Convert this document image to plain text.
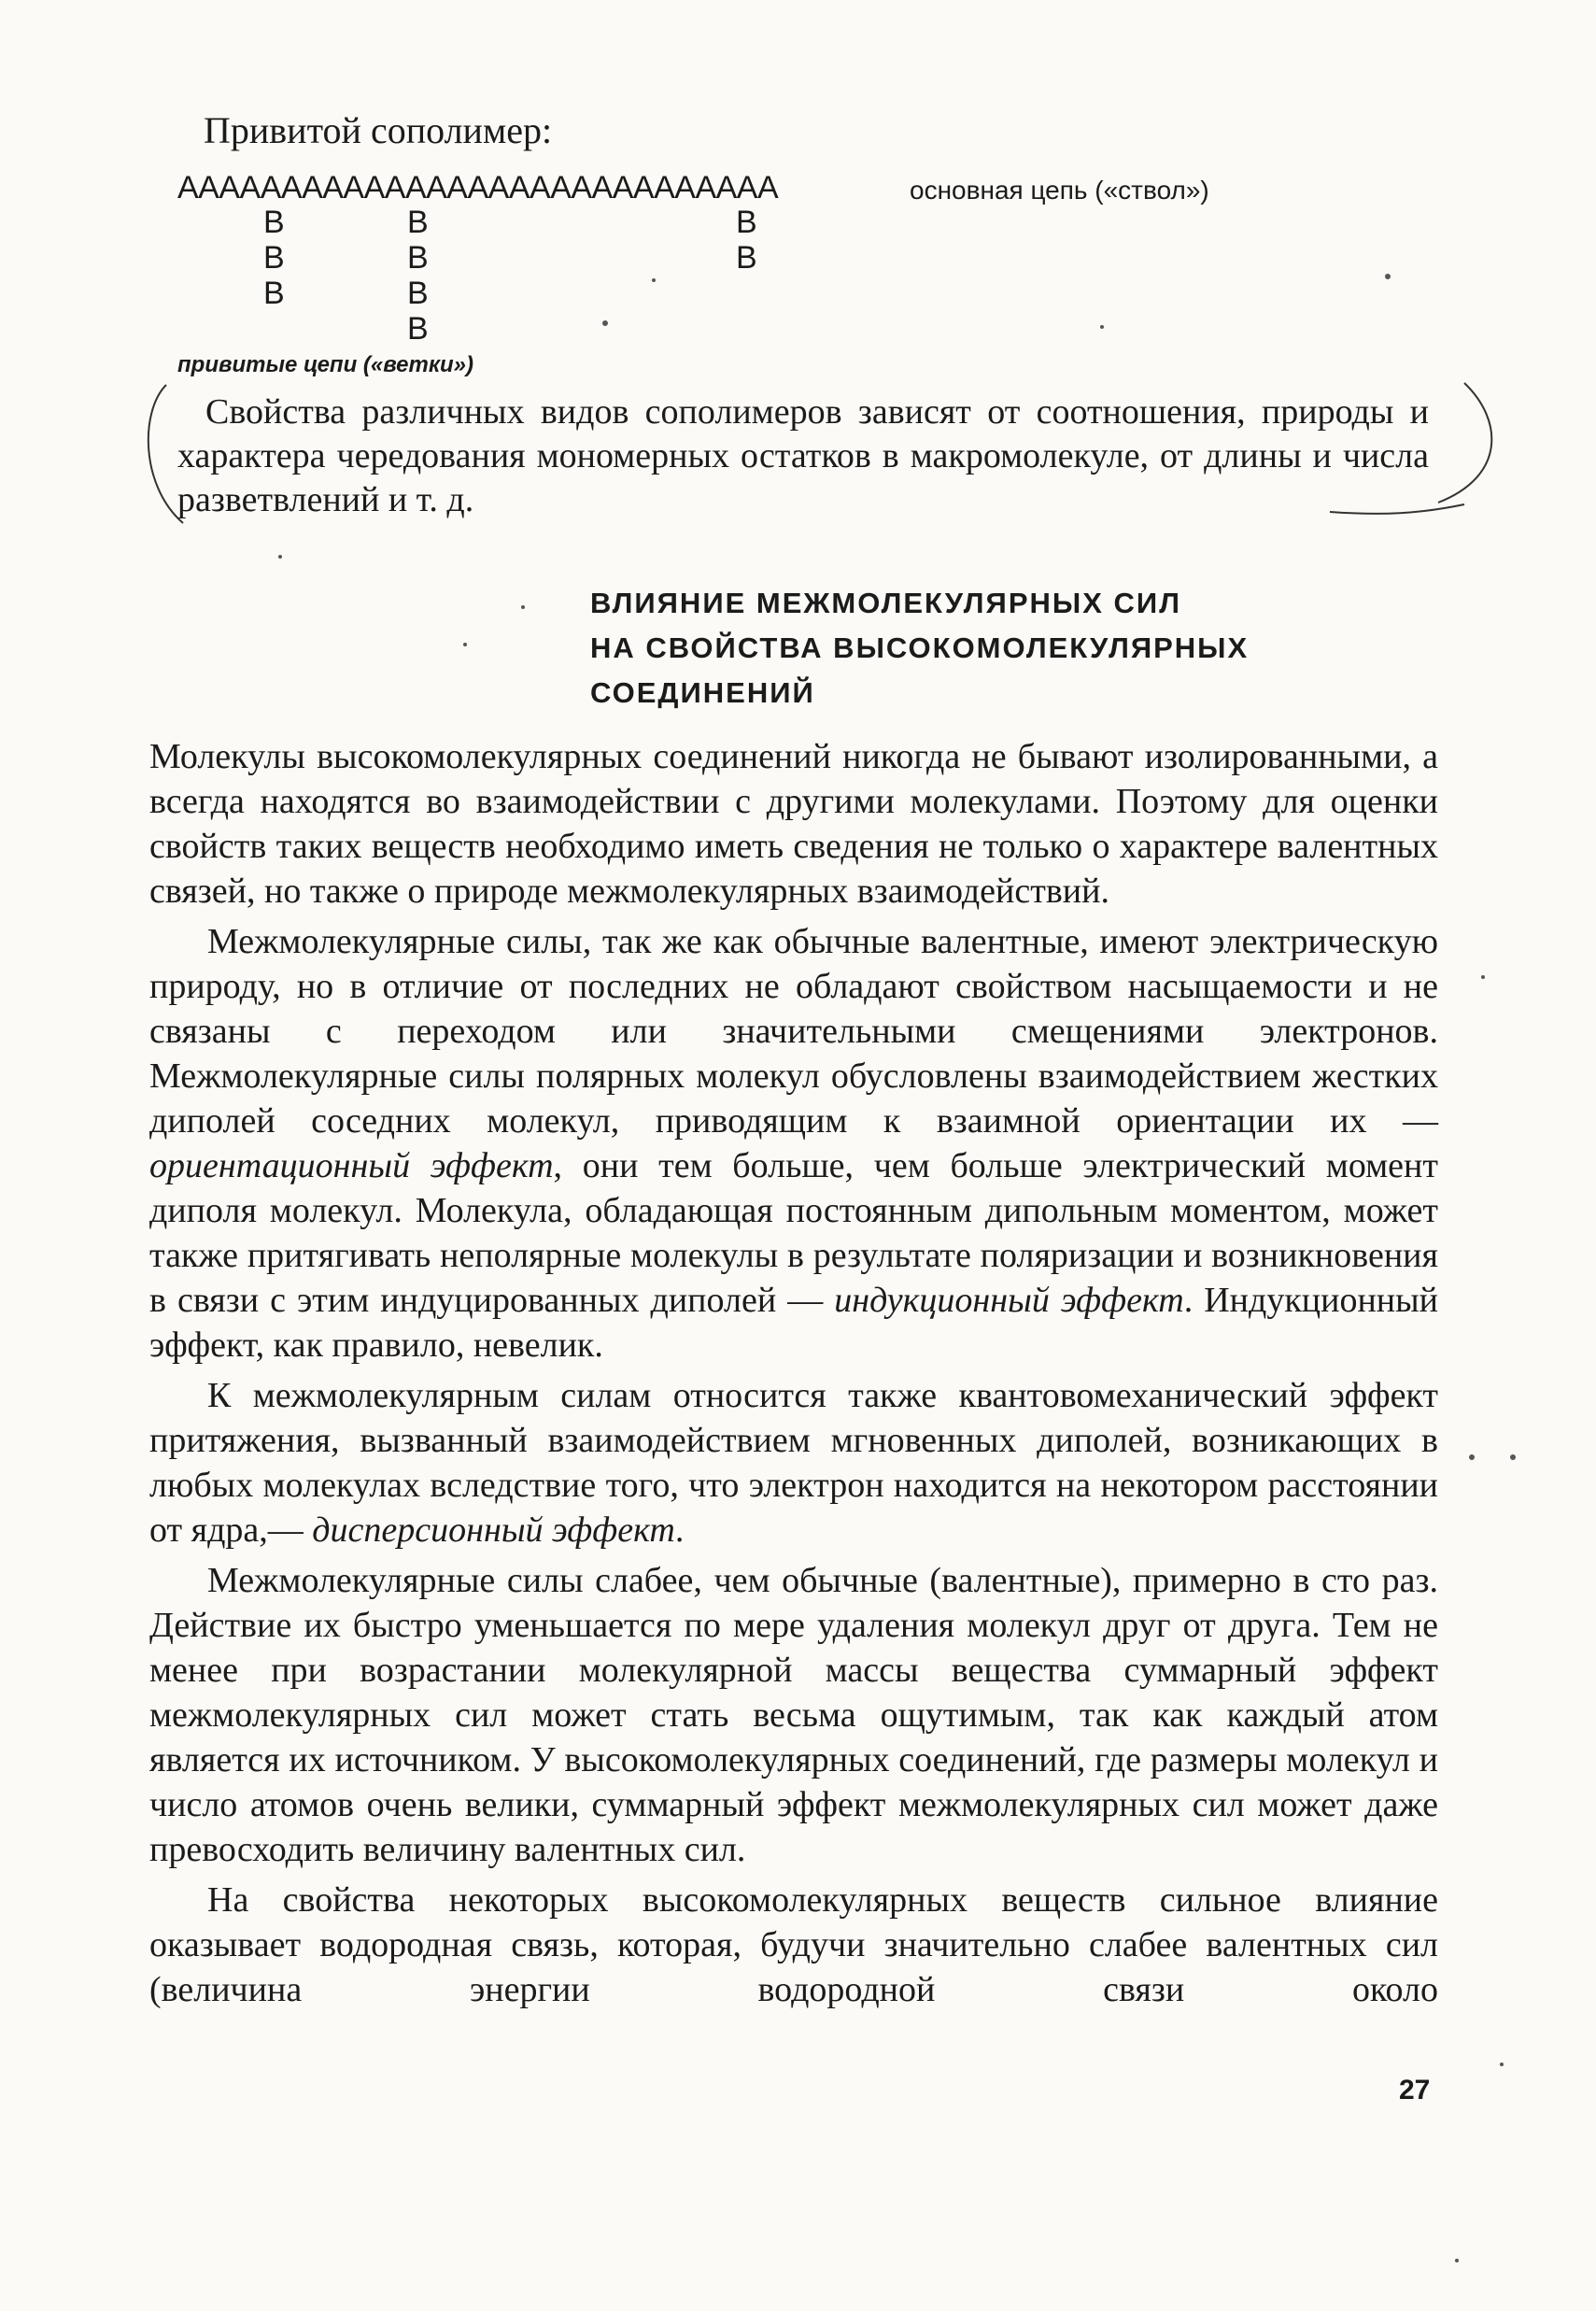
Привитой сополимер:
ААААААААААААААААААААААААААААА	основная цепь («ствол»)
В
В
В
В
В
В
В
В
В
привитые цепи («ветки»)
Свойства различных видов сополимеров зависят от соотношения, природы и характера чередования мономерных остатков в макромолекуле, от длины и числа разветвлений и т. д.
ВЛИЯНИЕ МЕЖМОЛЕКУЛЯРНЫХ СИЛ
НА СВОЙСТВА ВЫСОКОМОЛЕКУЛЯРНЫХ
СОЕДИНЕНИЙ

Молекулы высокомолекулярных соединений никогда не бывают изолированными, а всегда находятся во взаимодействии с другими молекулами. Поэтому для оценки свойств таких веществ необходимо иметь сведения не только о характере валентных связей, но также о природе межмолекулярных взаимодействий.

Межмолекулярные силы, так же как обычные валентные, имеют электрическую природу, но в отличие от последних не обладают свойством насыщаемости и не связаны с переходом или значительными смещениями электронов. Межмолекулярные силы полярных молекул обусловлены взаимодействием жестких диполей соседних молекул, приводящим к взаимной ориентации их — ориентационный эффект, они тем больше, чем больше электрический момент диполя молекул. Молекула, обладающая постоянным дипольным моментом, может также притягивать неполярные молекулы в результате поляризации и возникновения в связи с этим индуцированных диполей — индукционный эффект. Индукционный эффект, как правило, невелик.

К межмолекулярным силам относится также квантовомеханический эффект притяжения, вызванный взаимодействием мгновенных диполей, возникающих в любых молекулах вследствие того, что электрон находится на некотором расстоянии от ядра,— дисперсионный эффект.

Межмолекулярные силы слабее, чем обычные (валентные), примерно в сто раз. Действие их быстро уменьшается по мере удаления молекул друг от друга. Тем не менее при возрастании молекулярной массы вещества суммарный эффект межмолекулярных сил может стать весьма ощутимым, так как каждый атом является их источником. У высокомолекулярных соединений, где размеры молекул и число атомов очень велики, суммарный эффект межмолекулярных сил может даже превосходить величину валентных сил.

На свойства некоторых высокомолекулярных веществ сильное влияние оказывает водородная связь, которая, будучи значительно слабее валентных сил (величина энергии водородной связи около

27
